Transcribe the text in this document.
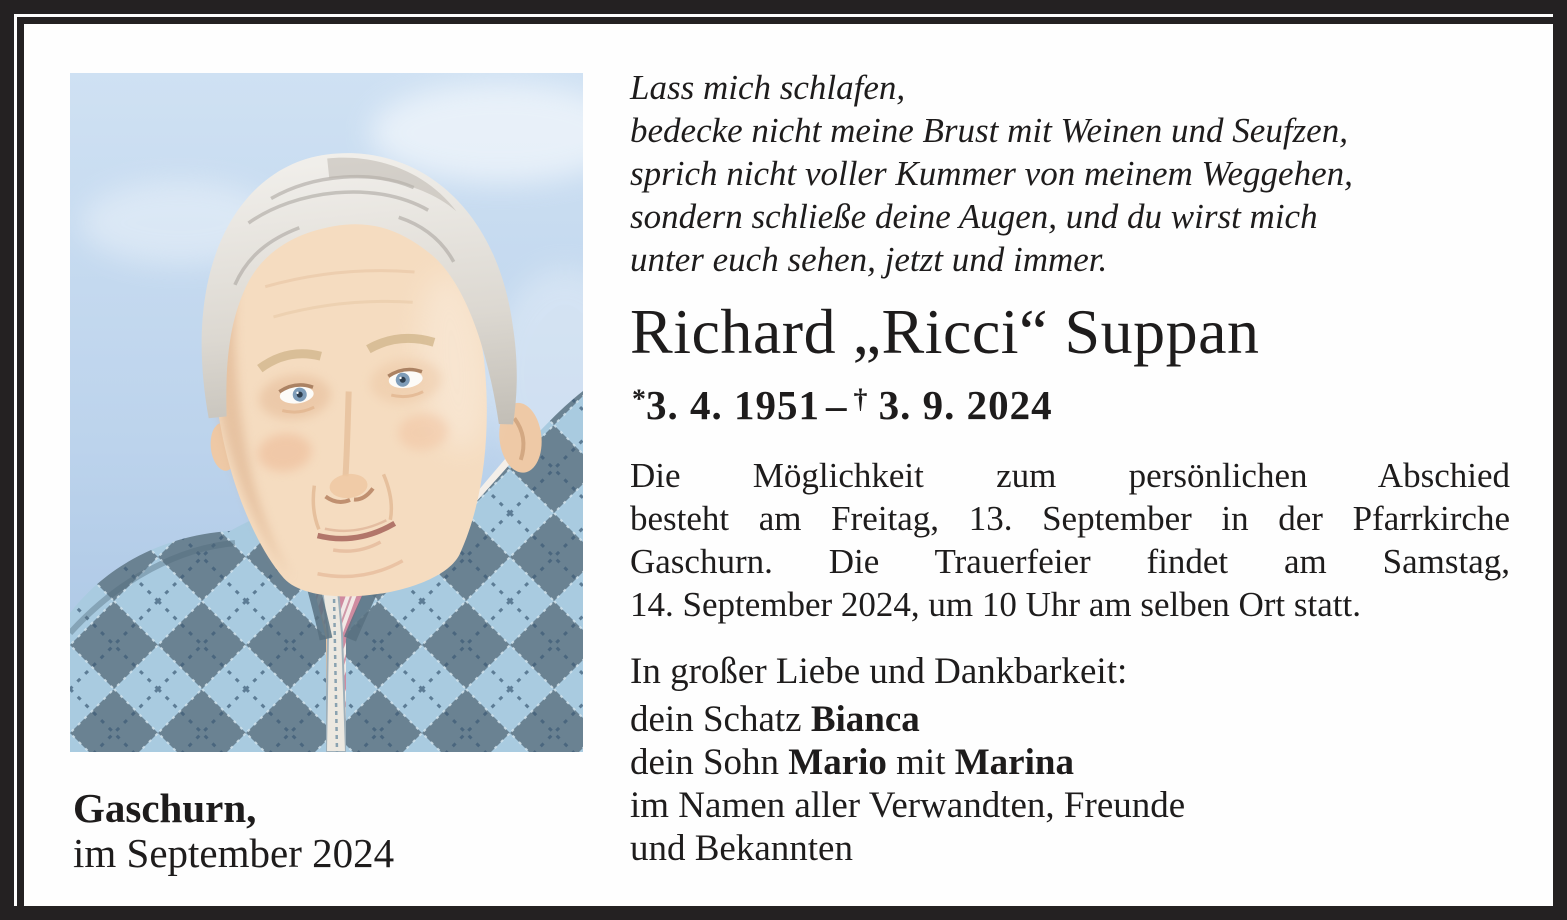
Lass mich schlafen,
bedecke nicht meine Brust mit Weinen und Seufzen,
sprich nicht voller Kummer von meinem Weggehen,
sondern schließe deine Augen, und du wirst mich
unter euch sehen, jetzt und immer.
Richard „Ricci“ Suppan
*3. 4. 1951 – † 3. 9. 2024
Die Möglichkeit zum persönlichen Abschied
besteht am Freitag, 13. September in der Pfarrkirche
Gaschurn. Die Trauerfeier findet am Samstag,
14. September 2024, um 10 Uhr am selben Ort statt.
In großer Liebe und Dankbarkeit:
dein Schatz Bianca
dein Sohn Mario mit Marina
im Namen aller Verwandten, Freunde
und Bekannten
Gaschurn,
im September 2024
